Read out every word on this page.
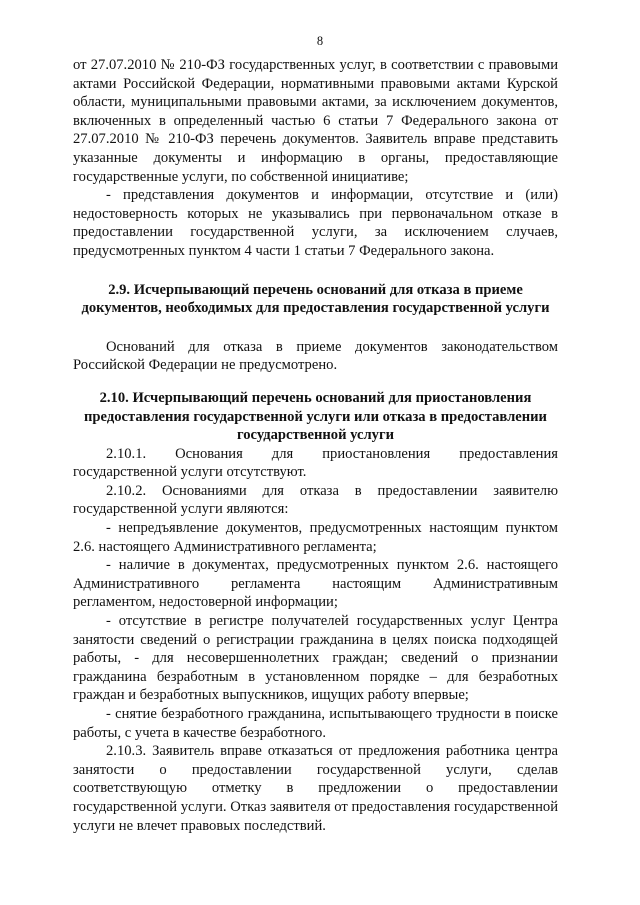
8

от 27.07.2010 № 210-ФЗ государственных услуг, в соответствии с правовыми актами Российской Федерации, нормативными правовыми актами Курской области, муниципальными правовыми актами, за исключением документов, включенных в определенный частью 6 статьи 7 Федерального закона от 27.07.2010 № 210-ФЗ перечень документов. Заявитель вправе представить указанные документы и информацию в органы, предоставляющие государственные услуги, по собственной инициативе;

- представления документов и информации, отсутствие и (или) недостоверность которых не указывались при первоначальном отказе в предоставлении государственной услуги, за исключением случаев, предусмотренных пунктом 4 части 1 статьи 7 Федерального закона.

2.9. Исчерпывающий перечень оснований для отказа в приеме документов, необходимых для предоставления государственной услуги

Оснований для отказа в приеме документов законодательством Российской Федерации не предусмотрено.

2.10. Исчерпывающий перечень оснований для приостановления предоставления государственной услуги или отказа в предоставлении государственной услуги

2.10.1. Основания для приостановления предоставления государственной услуги отсутствуют.

2.10.2. Основаниями для отказа в предоставлении заявителю государственной услуги являются:

- непредъявление документов, предусмотренных настоящим пунктом 2.6. настоящего Административного регламента;

- наличие в документах, предусмотренных пунктом 2.6. настоящего Административного регламента настоящим Административным регламентом, недостоверной информации;

- отсутствие в регистре получателей государственных услуг Центра занятости сведений о регистрации гражданина в целях поиска подходящей работы, - для несовершеннолетних граждан; сведений о признании гражданина безработным в установленном порядке – для безработных граждан и безработных выпускников, ищущих работу впервые;

- снятие безработного гражданина, испытывающего трудности в поиске работы, с учета в качестве безработного.

2.10.3. Заявитель вправе отказаться от предложения работника центра занятости о предоставлении государственной услуги, сделав соответствующую отметку в предложении о предоставлении государственной услуги. Отказ заявителя от предоставления государственной услуги не влечет правовых последствий.
